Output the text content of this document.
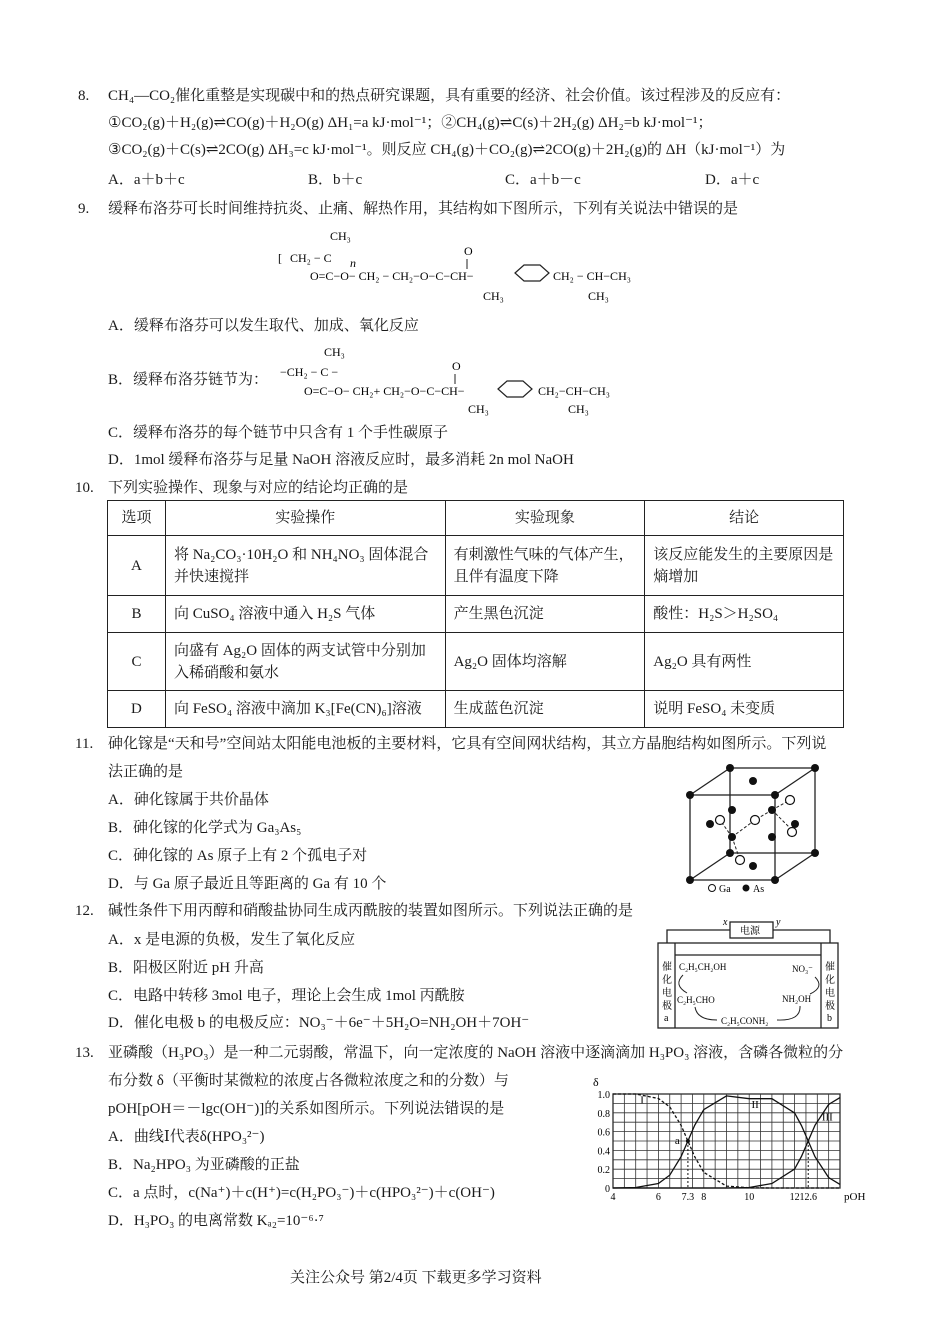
8. CH₄—CO₂催化重整是实现碳中和的热点研究课题，具有重要的经济、社会价值。该过程涉及的反应有：
①CO₂(g)＋H₂(g)⇌CO(g)＋H₂O(g) ΔH₁=a kJ·mol⁻¹；②CH₄(g)⇌C(s)＋2H₂(g) ΔH₂=b kJ·mol⁻¹；
③CO₂(g)＋C(s)⇌2CO(g) ΔH₃=c kJ·mol⁻¹。则反应 CH₄(g)＋CO₂(g)⇌2CO(g)＋2H₂(g)的 ΔH（kJ·mol⁻¹）为
A．a＋b＋c	B．b＋c	C．a＋b－c	D．a＋c
9. 缓释布洛芬可长时间维持抗炎、止痛、解热作用，其结构如下图所示，下列有关说法中错误的是
CH₃
[ CH₂ − C n
O=C−O− CH₂ − CH₂−O−C−CH−
O
CH₂ − CH−CH₃
CH₃	CH₃
A．缓释布洛芬可以发生取代、加成、氧化反应
B．缓释布洛芬链节为：
CH₃
−CH₂ − C −
O=C−O− CH₂+ CH₂−O−C−CH−
O
CH₂−CH−CH₃
CH₃	CH₃
C．缓释布洛芬的每个链节中只含有 1 个手性碳原子
D．1mol 缓释布洛芬与足量 NaOH 溶液反应时，最多消耗 2n mol NaOH
10. 下列实验操作、现象与对应的结论均正确的是
选项	实验操作	实验现象	结论
A	将 Na₂CO₃·10H₂O 和 NH₄NO₃ 固体混合并快速搅拌	有刺激性气味的气体产生，且伴有温度下降	该反应能发生的主要原因是熵增加
B	向 CuSO₄ 溶液中通入 H₂S 气体	产生黑色沉淀	酸性：H₂S＞H₂SO₄
C	向盛有 Ag₂O 固体的两支试管中分别加入稀硝酸和氨水	Ag₂O 固体均溶解	Ag₂O 具有两性
D	向 FeSO₄ 溶液中滴加 K₃[Fe(CN)₆]溶液	生成蓝色沉淀	说明 FeSO₄ 未变质
11. 砷化镓是“天和号”空间站太阳能电池板的主要材料，它具有空间网状结构，其立方晶胞结构如图所示。下列说
法正确的是
A．砷化镓属于共价晶体
B．砷化镓的化学式为 Ga₃As₅
C．砷化镓的 As 原子上有 2 个孤电子对
D．与 Ga 原子最近且等距离的 Ga 有 10 个	Ga As
12. 碱性条件下用丙醇和硝酸盐协同生成丙酰胺的装置如图所示。下列说法正确的是
A．x 是电源的负极，发生了氧化反应
B．阳极区附近 pH 升高
C．电路中转移 3mol 电子，理论上会生成 1mol 丙酰胺
D．催化电极 b 的电极反应：NO₃⁻＋6e⁻＋5H₂O=NH₂OH＋7OH⁻
x	y
电源
催
化
电
极
a
催
化
电
极
b
C₂H₅CH₂OH
C₂H₅CHO
NO₃⁻
NH₂OH
C₂H₅CONH₂
13. 亚磷酸（H₃PO₃）是一种二元弱酸，常温下，向一定浓度的 NaOH 溶液中逐滴滴加 H₃PO₃ 溶液，含磷各微粒的分
布分数 δ（平衡时某微粒的浓度占各微粒浓度之和的分数）与
pOH[pOH＝－lgc(OH⁻)]的关系如图所示。下列说法错误的是
A．曲线Ⅰ代表δ(HPO₃²⁻)
B．Na₂HPO₃ 为亚磷酸的正盐
C．a 点时，c(Na⁺)＋c(H⁺)=c(H₂PO₃⁻)＋c(HPO₃²⁻)＋c(OH⁻)
D．H₃PO₃ 的电离常数 Kₐ₂=10⁻⁶·⁷
4	6 7.3 8	10	12 12.6
0
0.2
0.4
0.6
0.8
1.0	I	II
III
a
δ
pOH
关注公众号 第2/4页 下载更多学习资料
